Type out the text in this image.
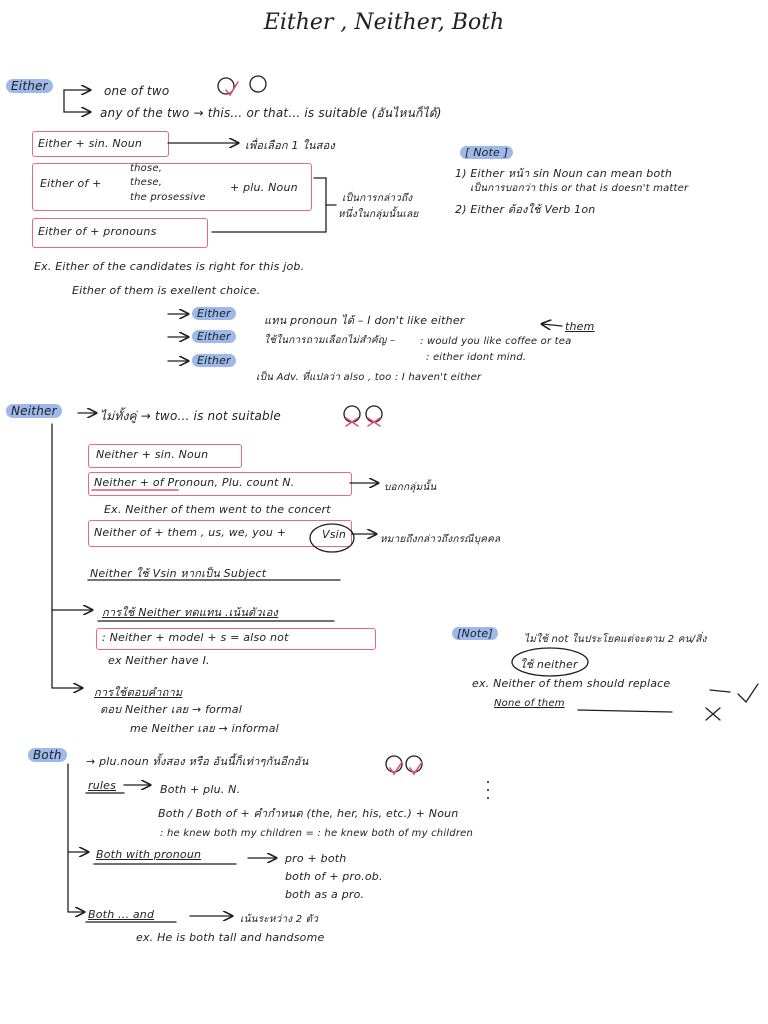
Either , Neither, Both
Either	one of two
any of the two → this... or that... is suitable (อันไหนก็ได้)
Either + sin. Noun	เพื่อเลือก 1 ในสอง
Either of +
those,
these,
the prosessive
+ plu. Noun
Either of + pronouns
เป็นการกล่าวถึง
หนึ่งในกลุ่มนั้นเลย
[ Note ]
1) Either หน้า sin Noun can mean both
เป็นการบอกว่า this or that is doesn't matter
2) Either ต้องใช้ Verb 1on
Ex. Either of the candidates is right for this job.
Either of them is exellent choice.
Either
แทน pronoun ได้ – I don't like either	them
Either	ใช้ในการถามเลือกไม่สำคัญ – : would you like coffee or tea
: either idont mind.
Either
เป็น Adv. ที่แปลว่า also , too : I haven't either
Neither	ไม่ทั้งคู่ → two... is not suitable
Neither + sin. Noun
Neither + of Pronoun, Plu. count N.	บอกกลุ่มนั้น
Ex. Neither of them went to the concert
Neither of + them , us, we, you +	Vsin	หมายถึงกล่าวถึงกรณีบุคคล
Neither ใช้ Vsin หากเป็น Subject
การใช้ Neither ทดแทน .เน้นตัวเอง
: Neither + model + s = also not
ex Neither have I.
การใช้ตอบคำถาม
ตอบ Neither เลย → formal
me Neither เลย → informal
[Note]	ไม่ใช้ not ในประโยคแต่จะตาม 2 คน/สิ่ง
ใช้ neither
ex. Neither of them should replace
None of them
Both	→ plu.noun ทั้งสอง หรือ อันนี้ก็เท่าๆกันอีกอัน
rules	Both + plu. N.
Both / Both of + คำกำหนด (the, her, his, etc.) + Noun
: he knew both my children = : he knew both of my children
Both with pronoun	pro + both
both of + pro.ob.
both as a pro.
Both ... and	เน้นระหว่าง 2 ตัว
ex. He is both tall and handsome
